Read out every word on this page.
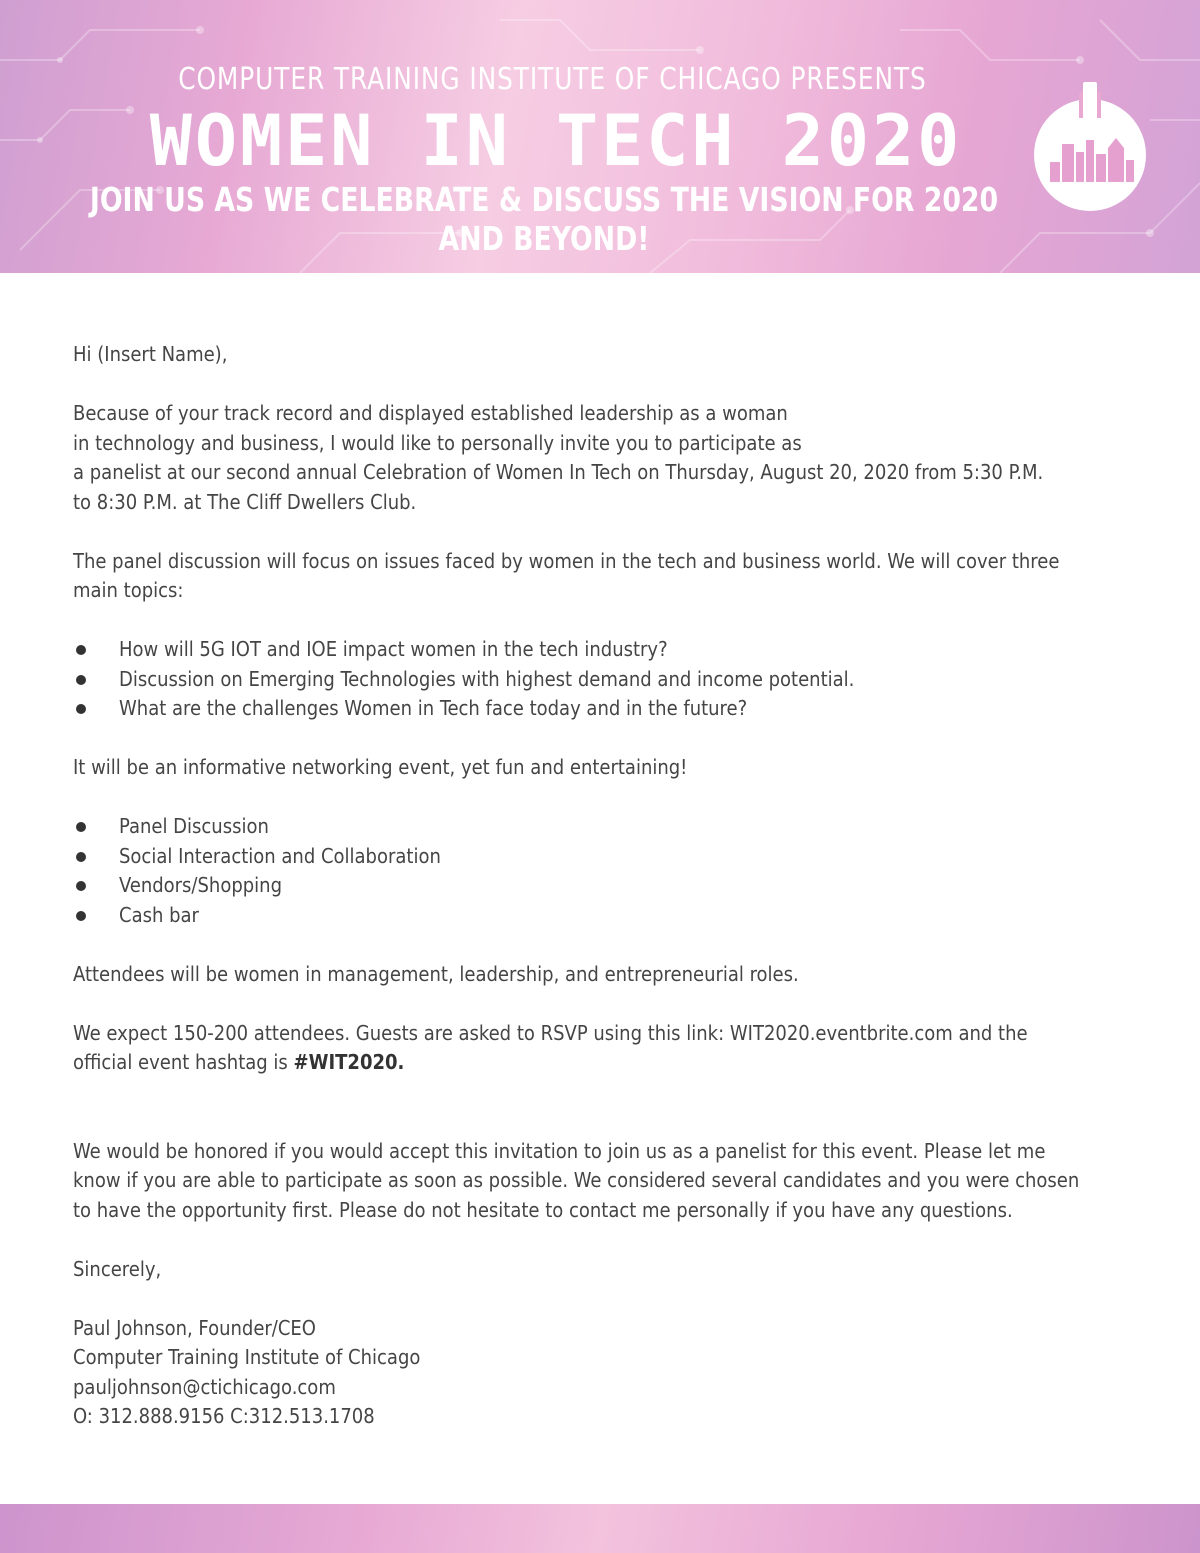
COMPUTER TRAINING INSTITUTE OF CHICAGO PRESENTS
WOMEN IN TECH 2020
JOIN US AS WE CELEBRATE & DISCUSS THE VISION FOR 2020 AND BEYOND!

Hi (Insert Name),

Because of your track record and displayed established leadership as a woman

in technology and business, I would like to personally invite you to participate as

a panelist at our second annual Celebration of Women In Tech on Thursday, August 20, 2020 from 5:30 P.M.

to 8:30 P.M. at The Cliff Dwellers Club.

The panel discussion will focus on issues faced by women in the tech and business world. We will cover three

main topics:

How will 5G IOT and IOE impact women in the tech industry?
Discussion on Emerging Technologies with highest demand and income potential.
What are the challenges Women in Tech face today and in the future?

It will be an informative networking event, yet fun and entertaining!

Panel Discussion
Social Interaction and Collaboration
Vendors/Shopping
Cash bar

Attendees will be women in management, leadership, and entrepreneurial roles.

We expect 150-200 attendees. Guests are asked to RSVP using this link: WIT2020.eventbrite.com and the

official event hashtag is #WIT2020.

We would be honored if you would accept this invitation to join us as a panelist for this event. Please let me

know if you are able to participate as soon as possible. We considered several candidates and you were chosen

to have the opportunity first. Please do not hesitate to contact me personally if you have any questions.

Sincerely,

Paul Johnson, Founder/CEO

Computer Training Institute of Chicago

pauljohnson@ctichicago.com

O: 312.888.9156 C:312.513.1708
